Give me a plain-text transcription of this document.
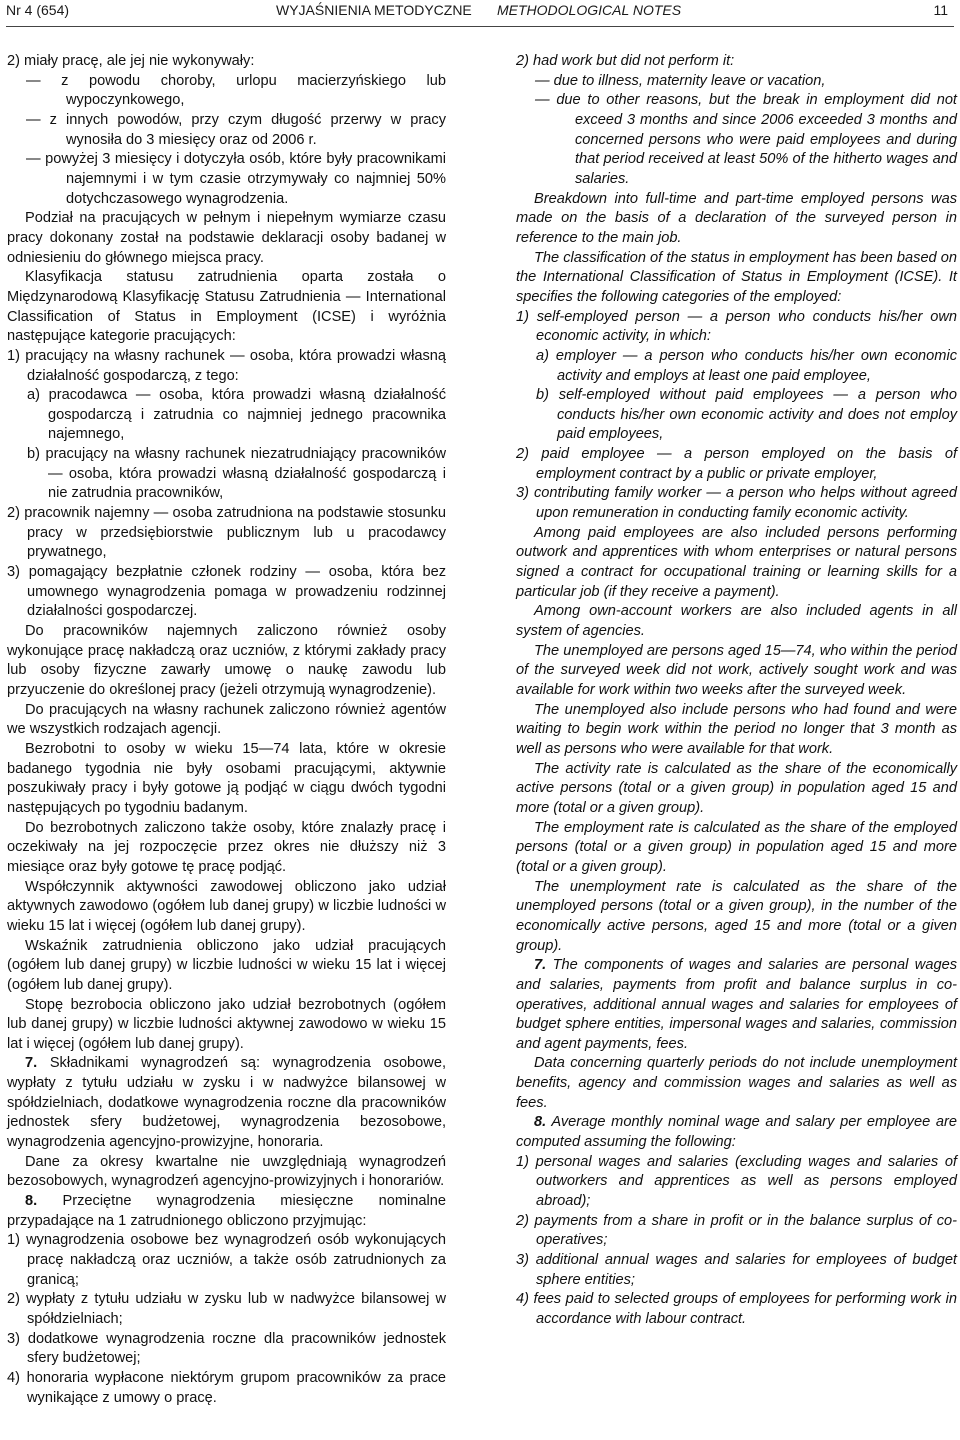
Nr 4 (654)	WYJAŚNIENIA METODYCZNE METHODOLOGICAL NOTES	11

2) miały pracę, ale jej nie wykonywały:

— z powodu choroby, urlopu macierzyńskiego lub wypoczynkowego,

— z innych powodów, przy czym długość przerwy w pracy wynosiła do 3 miesięcy oraz od 2006 r.

— powyżej 3 miesięcy i dotyczyła osób, które były pracownikami najemnymi i w tym czasie otrzymywały co najmniej 50% dotychczasowego wynagrodzenia.

Podział na pracujących w pełnym i niepełnym wymiarze czasu pracy dokonany został na podstawie deklaracji osoby badanej w odniesieniu do głównego miejsca pracy.

Klasyfikacja statusu zatrudnienia oparta została o Międzynarodową Klasyfikację Statusu Zatrudnienia — International Classification of Status in Employment (ICSE) i wyróżnia następujące kategorie pracujących:

1) pracujący na własny rachunek — osoba, która prowadzi własną działalność gospodarczą, z tego:

a) pracodawca — osoba, która prowadzi własną działalność gospodarczą i zatrudnia co najmniej jednego pracownika najemnego,

b) pracujący na własny rachunek niezatrudniający pracowników — osoba, która prowadzi własną działalność gospodarczą i nie zatrudnia pracowników,

2) pracownik najemny — osoba zatrudniona na podstawie stosunku pracy w przedsiębiorstwie publicznym lub u pracodawcy prywatnego,

3) pomagający bezpłatnie członek rodziny — osoba, która bez umownego wynagrodzenia pomaga w prowadzeniu rodzinnej działalności gospodarczej.

Do pracowników najemnych zaliczono również osoby wykonujące pracę nakładczą oraz uczniów, z którymi zakłady pracy lub osoby fizyczne zawarły umowę o naukę zawodu lub przyuczenie do określonej pracy (jeżeli otrzymują wynagrodzenie).

Do pracujących na własny rachunek zaliczono również agentów we wszystkich rodzajach agencji.

Bezrobotni to osoby w wieku 15—74 lata, które w okresie badanego tygodnia nie były osobami pracującymi, aktywnie poszukiwały pracy i były gotowe ją podjąć w ciągu dwóch tygodni następujących po tygodniu badanym.

Do bezrobotnych zaliczono także osoby, które znalazły pracę i oczekiwały na jej rozpoczęcie przez okres nie dłuższy niż 3 miesiące oraz były gotowe tę pracę podjąć.

Współczynnik aktywności zawodowej obliczono jako udział aktywnych zawodowo (ogółem lub danej grupy) w liczbie ludności w wieku 15 lat i więcej (ogółem lub danej grupy).

Wskaźnik zatrudnienia obliczono jako udział pracujących (ogółem lub danej grupy) w liczbie ludności w wieku 15 lat i więcej (ogółem lub danej grupy).

Stopę bezrobocia obliczono jako udział bezrobotnych (ogółem lub danej grupy) w liczbie ludności aktywnej zawodowo w wieku 15 lat i więcej (ogółem lub danej grupy).

7. Składnikami wynagrodzeń są: wynagrodzenia osobowe, wypłaty z tytułu udziału w zysku i w nadwyżce bilansowej w spółdzielniach, dodatkowe wynagrodzenia roczne dla pracowników jednostek sfery budżetowej, wynagrodzenia bezosobowe, wynagrodzenia agencyjno-prowizyjne, honoraria.

Dane za okresy kwartalne nie uwzględniają wynagrodzeń bezosobowych, wynagrodzeń agencyjno-prowizyjnych i honorariów.

8. Przeciętne wynagrodzenia miesięczne nominalne przypadające na 1 zatrudnionego obliczono przyjmując:

1) wynagrodzenia osobowe bez wynagrodzeń osób wykonujących pracę nakładczą oraz uczniów, a także osób zatrudnionych za granicą;

2) wypłaty z tytułu udziału w zysku lub w nadwyżce bilansowej w spółdzielniach;

3) dodatkowe wynagrodzenia roczne dla pracowników jednostek sfery budżetowej;

4) honoraria wypłacone niektórym grupom pracowników za prace wynikające z umowy o pracę.

2) had work but did not perform it:

— due to illness, maternity leave or vacation,

— due to other reasons, but the break in employment did not exceed 3 months and since 2006 exceeded 3 months and concerned persons who were paid employees and during that period received at least 50% of the hitherto wages and salaries.

Breakdown into full-time and part-time employed persons was made on the basis of a declaration of the surveyed person in reference to the main job.

The classification of the status in employment has been based on the International Classification of Status in Employment (ICSE). It specifies the following categories of the employed:

1) self-employed person — a person who conducts his/her own economic activity, in which:

a) employer — a person who conducts his/her own economic activity and employs at least one paid employee,

b) self-employed without paid employees — a person who conducts his/her own economic activity and does not employ paid employees,

2) paid employee — a person employed on the basis of employment contract by a public or private employer,

3) contributing family worker — a person who helps without agreed upon remuneration in conducting family economic activity.

Among paid employees are also included persons performing outwork and apprentices with whom enterprises or natural persons signed a contract for occupational training or learning skills for a particular job (if they receive a payment).

Among own-account workers are also included agents in all system of agencies.

The unemployed are persons aged 15—74, who within the period of the surveyed week did not work, actively sought work and was available for work within two weeks after the surveyed week.

The unemployed also include persons who had found and were waiting to begin work within the period no longer that 3 month as well as persons who were available for that work.

The activity rate is calculated as the share of the economically active persons (total or a given group) in population aged 15 and more (total or a given group).

The employment rate is calculated as the share of the employed persons (total or a given group) in population aged 15 and more (total or a given group).

The unemployment rate is calculated as the share of the unemployed persons (total or a given group), in the number of the economically active persons, aged 15 and more (total or a given group).

7. The components of wages and salaries are personal wages and salaries, payments from profit and balance surplus in co-operatives, additional annual wages and salaries for employees of budget sphere entities, impersonal wages and salaries, commission and agent payments, fees.

Data concerning quarterly periods do not include unemployment benefits, agency and commission wages and salaries as well as fees.

8. Average monthly nominal wage and salary per employee are computed assuming the following:

1) personal wages and salaries (excluding wages and salaries of outworkers and apprentices as well as persons employed abroad);

2) payments from a share in profit or in the balance surplus of co-operatives;

3) additional annual wages and salaries for employees of budget sphere entities;

4) fees paid to selected groups of employees for performing work in accordance with labour contract.
